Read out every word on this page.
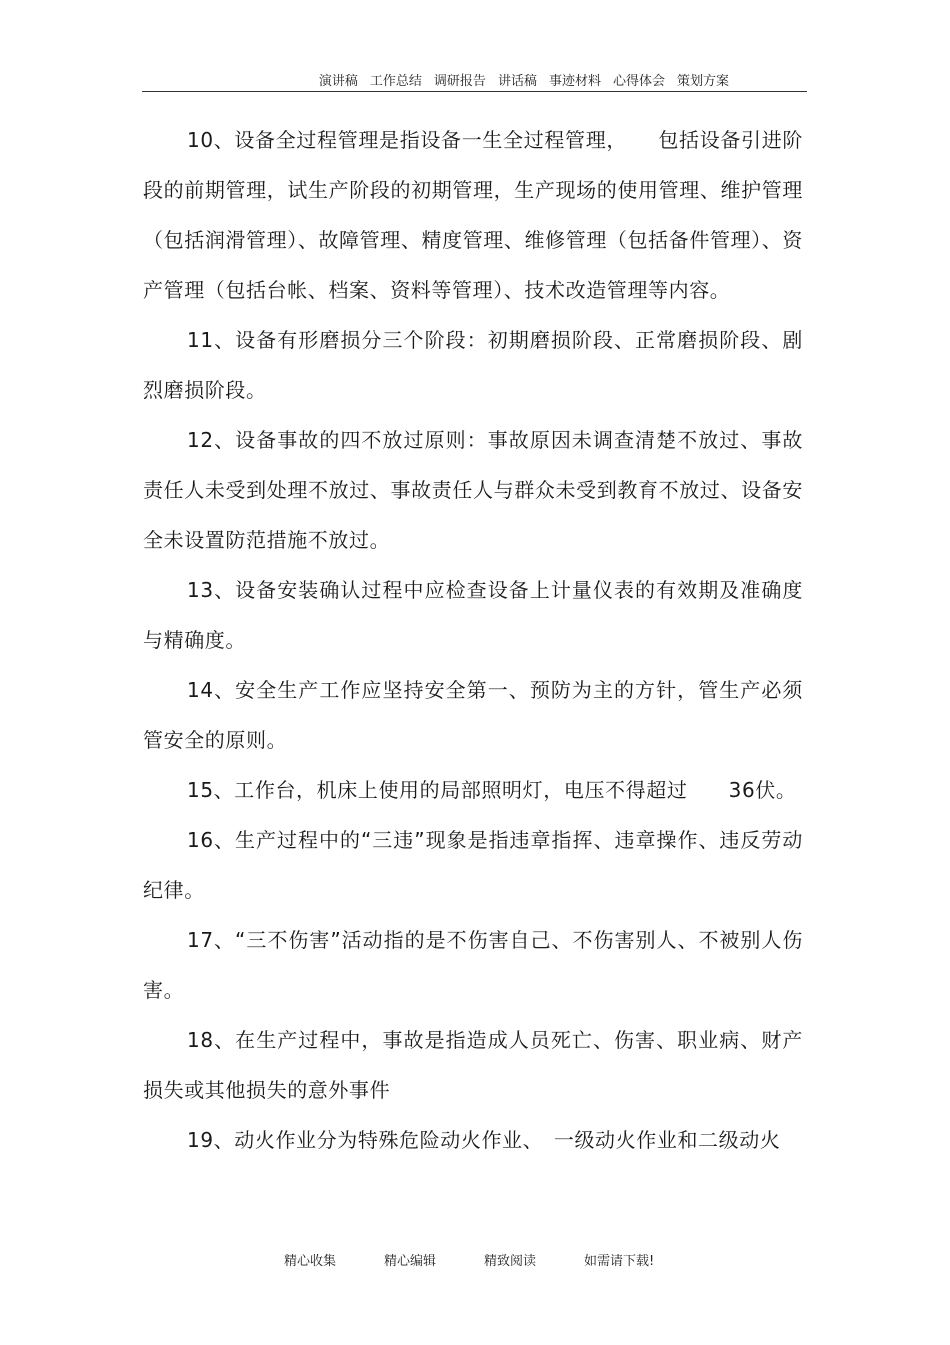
演讲稿 工作总结 调研报告 讲话稿 事迹材料 心得体会 策划方案

10、设备全过程管理是指设备一生全过程管理，　　包括设备引进阶段的前期管理，试生产阶段的初期管理，生产现场的使用管理、维护管理（包括润滑管理）、故障管理、精度管理、维修管理（包括备件管理）、资产管理（包括台帐、档案、资料等管理）、技术改造管理等内容。

11、设备有形磨损分三个阶段：初期磨损阶段、正常磨损阶段、剧烈磨损阶段。

12、设备事故的四不放过原则：事故原因未调查清楚不放过、事故责任人未受到处理不放过、事故责任人与群众未受到教育不放过、设备安全未设置防范措施不放过。

13、设备安装确认过程中应检查设备上计量仪表的有效期及准确度与精确度。

14、安全生产工作应坚持安全第一、预防为主的方针，管生产必须管安全的原则。

15、工作台，机床上使用的局部照明灯，电压不得超过　　36伏。

16、生产过程中的“三违”现象是指违章指挥、违章操作、违反劳动纪律。

17、“三不伤害”活动指的是不伤害自己、不伤害别人、不被别人伤害。

18、在生产过程中，事故是指造成人员死亡、伤害、职业病、财产损失或其他损失的意外事件

19、动火作业分为特殊危险动火作业、　一级动火作业和二级动火

精心收集	精心编辑	精致阅读	如需请下载!
